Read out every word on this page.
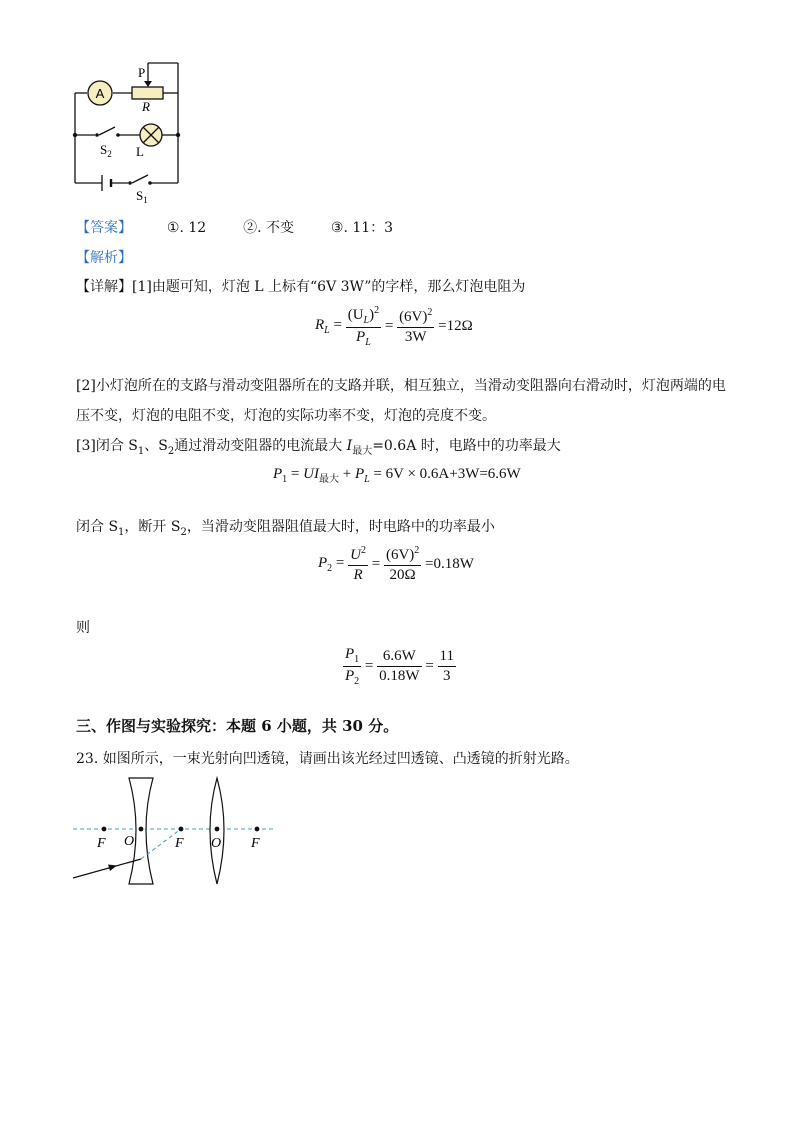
A
P
R
$S_2$ L
$S_1$
【答案】 ①. 12	②. 不变	③. 11：3
【解析】
【详解】[1]由题可知，灯泡 L 上标有“6V 3W”的字样，那么灯泡电阻为
$R_L = \frac{(U_L)^2}{P_L} = \frac{(6V)^2}{3W} =12\Omega$
[2]小灯泡所在的支路与滑动变阻器所在的支路并联，相互独立，当滑动变阻器向右滑动时，灯泡两端的电
压不变，灯泡的电阻不变，灯泡的实际功率不变，灯泡的亮度不变。
[3]闭合 $S_1$、$S_2$通过滑动变阻器的电流最大 $I_{最大}=0.6A$ 时，电路中的功率最大
$P_1 = UI_{最大} + P_L = 6V \times 0.6A+3W=6.6W$
闭合 $S_1$，断开 $S_2$，当滑动变阻器阻值最大时，时电路中的功率最小
$P_2 = \frac{U^2}{R} = \frac{(6V)^2}{20\Omega} =0.18W$
则
$\frac{P_1}{P_2} = \frac{6.6W}{0.18W} = \frac{11}{3}$
三、作图与实验探究：本题 6 小题，共 30 分。
23. 如图所示，一束光射向凹透镜，请画出该光经过凹透镜、凸透镜的折射光路。
F O	F O F
